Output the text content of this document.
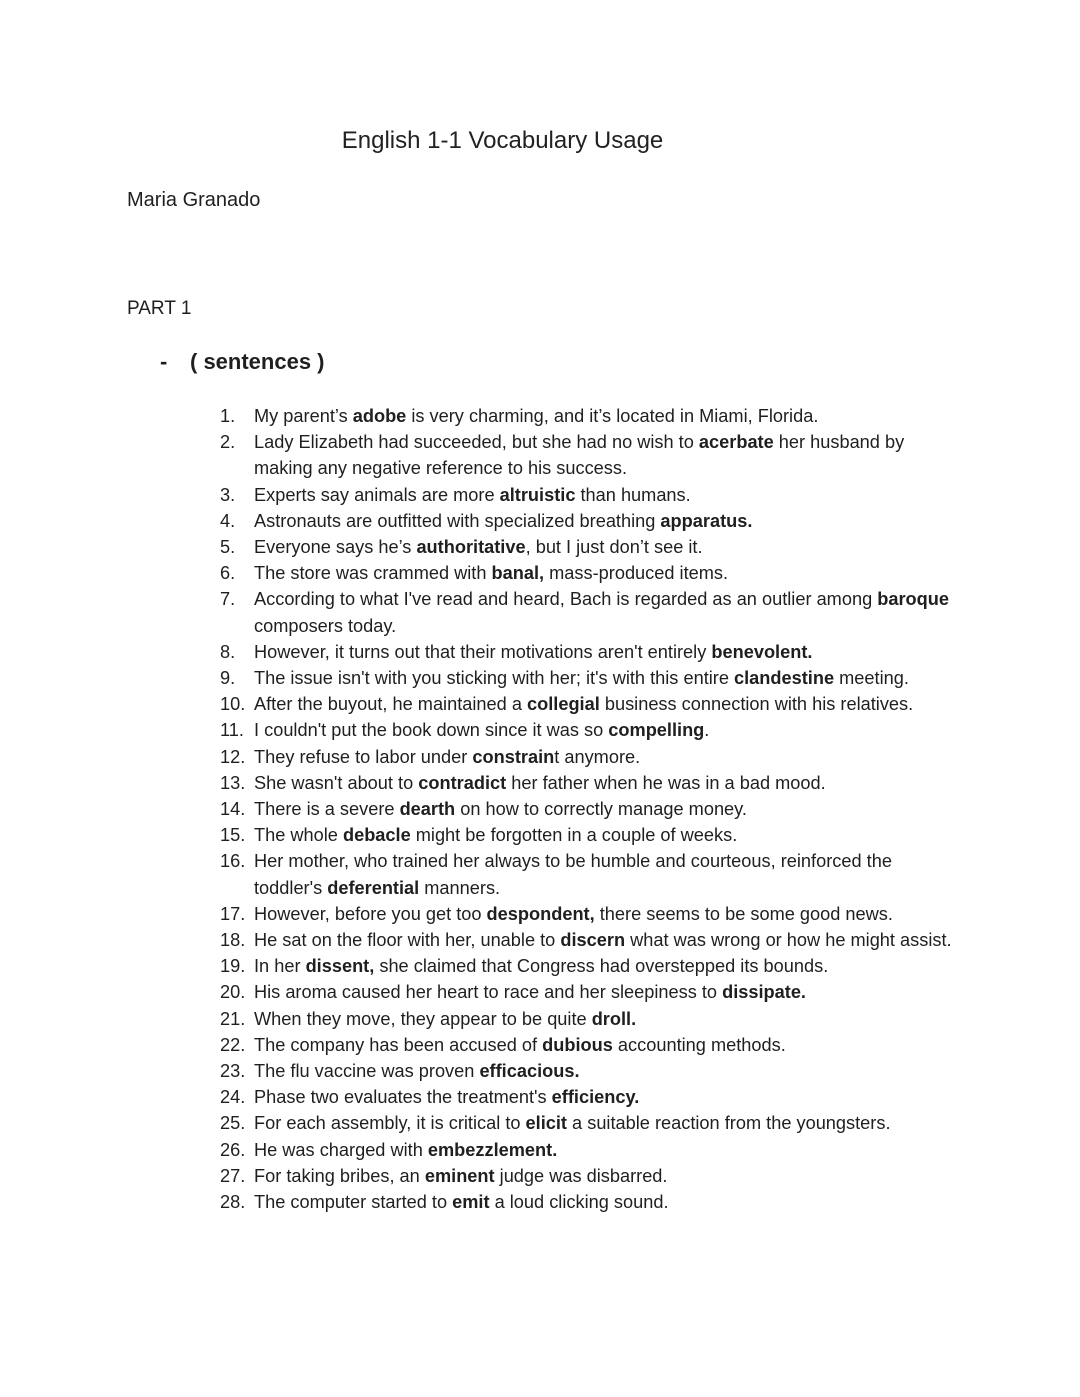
English 1-1 Vocabulary Usage
Maria Granado
PART 1
- ( sentences )
1.	My parent’s adobe is very charming, and it’s located in Miami, Florida.
2.	Lady Elizabeth had succeeded, but she had no wish to acerbate her husband by making any negative reference to his success.
3.	Experts say animals are more altruistic than humans.
4.	Astronauts are outfitted with specialized breathing apparatus.
5.	Everyone says he’s authoritative, but I just don’t see it.
6.	The store was crammed with banal, mass-produced items.
7.	According to what I've read and heard, Bach is regarded as an outlier among baroque composers today.
8.	However, it turns out that their motivations aren't entirely benevolent.
9.	The issue isn't with you sticking with her; it's with this entire clandestine meeting.
10. After the buyout, he maintained a collegial business connection with his relatives.
11. I couldn't put the book down since it was so compelling.
12. They refuse to labor under constraint anymore.
13. She wasn't about to contradict her father when he was in a bad mood.
14. There is a severe dearth on how to correctly manage money.
15. The whole debacle might be forgotten in a couple of weeks.
16. Her mother, who trained her always to be humble and courteous, reinforced the toddler's deferential manners.
17. However, before you get too despondent, there seems to be some good news.
18. He sat on the floor with her, unable to discern what was wrong or how he might assist.
19. In her dissent, she claimed that Congress had overstepped its bounds.
20. His aroma caused her heart to race and her sleepiness to dissipate.
21. When they move, they appear to be quite droll.
22. The company has been accused of dubious accounting methods.
23. The flu vaccine was proven efficacious.
24. Phase two evaluates the treatment's efficiency.
25. For each assembly, it is critical to elicit a suitable reaction from the youngsters.
26. He was charged with embezzlement.
27. For taking bribes, an eminent judge was disbarred.
28. The computer started to emit a loud clicking sound.
